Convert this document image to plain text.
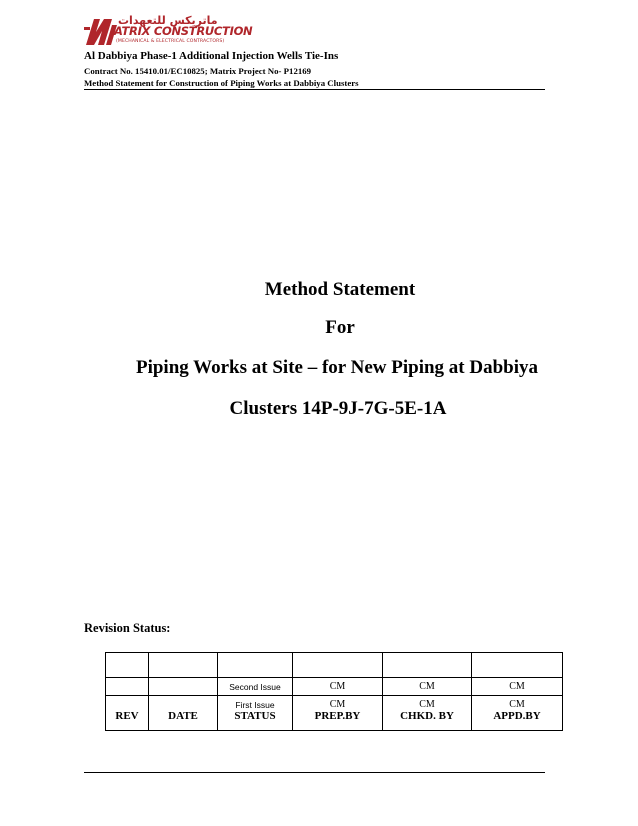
ماتريكس للتعهدات
ATRIX CONSTRUCTION
(MECHANICAL & ELECTRICAL CONTRACTORS)
Al Dabbiya Phase-1 Additional Injection Wells Tie-Ins
Contract No. 15410.01/EC10825; Matrix Project No- P12169
Method Statement for Construction of Piping Works at Dabbiya Clusters
Method Statement
For
Piping Works at Site – for New Piping at Dabbiya
Clusters 14P-9J-7G-5E-1A
Revision Status:

		Second Issue	CM	CM	CM
		First Issue	CM	CM	CM
REV	DATE	STATUS	PREP.BY	CHKD. BY	APPD.BY
